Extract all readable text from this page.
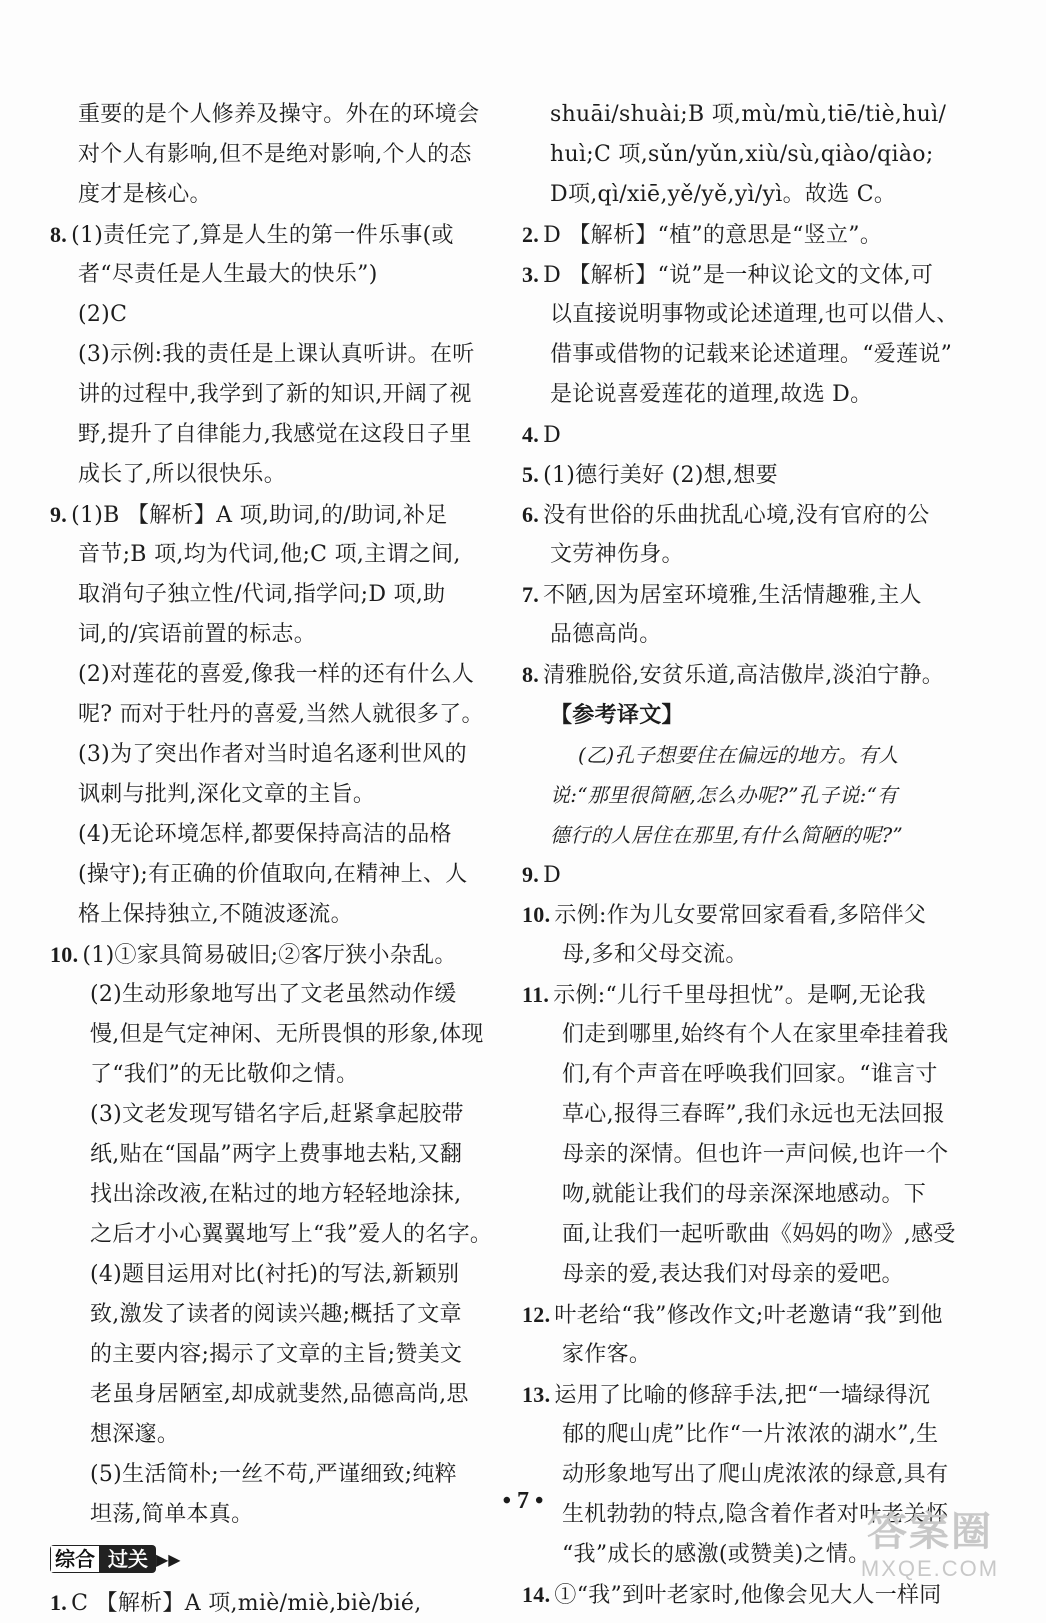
重要的是个人修养及操守。外在的环境会
对个人有影响,但不是绝对影响,个人的态
度才是核心。
8. (1)责任完了,算是人生的第一件乐事(或
者“尽责任是人生最大的快乐”)
(2)C
(3)示例:我的责任是上课认真听讲。在听
讲的过程中,我学到了新的知识,开阔了视
野,提升了自律能力,我感觉在这段日子里
成长了,所以很快乐。
9. (1)B 【解析】A 项,助词,的/助词,补足
音节;B 项,均为代词,他;C 项,主谓之间,
取消句子独立性/代词,指学问;D 项,助
词,的/宾语前置的标志。
(2)对莲花的喜爱,像我一样的还有什么人
呢? 而对于牡丹的喜爱,当然人就很多了。
(3)为了突出作者对当时追名逐利世风的
讽刺与批判,深化文章的主旨。
(4)无论环境怎样,都要保持高洁的品格
(操守);有正确的价值取向,在精神上、人
格上保持独立,不随波逐流。
10. (1)①家具简易破旧;②客厅狭小杂乱。
(2)生动形象地写出了文老虽然动作缓
慢,但是气定神闲、无所畏惧的形象,体现
了“我们”的无比敬仰之情。
(3)文老发现写错名字后,赶紧拿起胶带
纸,贴在“国晶”两字上费事地去粘,又翻
找出涂改液,在粘过的地方轻轻地涂抹,
之后才小心翼翼地写上“我”爱人的名字。
(4)题目运用对比(衬托)的写法,新颖别
致,激发了读者的阅读兴趣;概括了文章
的主要内容;揭示了文章的主旨;赞美文
老虽身居陋室,却成就斐然,品德高尚,思
想深邃。
(5)生活简朴;一丝不苟,严谨细致;纯粹
坦荡,简单本真。
综合 过关 ▶▶
1. C 【解析】A 项,miè/miè,biè/bié,
shuāi/shuài;B 项,mù/mù,tiē/tiè,huì/
huì;C 项,sǔn/yǔn,xiù/sù,qiào/qiào;
D项,qì/xiē,yě/yě,yì/yì。故选 C。
2. D 【解析】“植”的意思是“竖立”。
3. D 【解析】“说”是一种议论文的文体,可
以直接说明事物或论述道理,也可以借人、
借事或借物的记载来论述道理。“爱莲说”
是论说喜爱莲花的道理,故选 D。
4. D
5. (1)德行美好 (2)想,想要
6. 没有世俗的乐曲扰乱心境,没有官府的公
文劳神伤身。
7. 不陋,因为居室环境雅,生活情趣雅,主人
品德高尚。
8. 清雅脱俗,安贫乐道,高洁傲岸,淡泊宁静。
【参考译文】
(乙)孔子想要住在偏远的地方。有人
说:“那里很简陋,怎么办呢?”孔子说:“有
德行的人居住在那里,有什么简陋的呢?”
9. D
10. 示例:作为儿女要常回家看看,多陪伴父
母,多和父母交流。
11. 示例:“儿行千里母担忧”。是啊,无论我
们走到哪里,始终有个人在家里牵挂着我
们,有个声音在呼唤我们回家。“谁言寸
草心,报得三春晖”,我们永远也无法回报
母亲的深情。但也许一声问候,也许一个
吻,就能让我们的母亲深深地感动。下
面,让我们一起听歌曲《妈妈的吻》,感受
母亲的爱,表达我们对母亲的爱吧。
12. 叶老给“我”修改作文;叶老邀请“我”到他
家作客。
13. 运用了比喻的修辞手法,把“一墙绿得沉
郁的爬山虎”比作“一片浓浓的湖水”,生
动形象地写出了爬山虎浓浓的绿意,具有
生机勃勃的特点,隐含着作者对叶老关怀
“我”成长的感激(或赞美)之情。
14. ①“我”到叶老家时,他像会见大人一样同
• 7 •
答案圈
MXQE.COM
